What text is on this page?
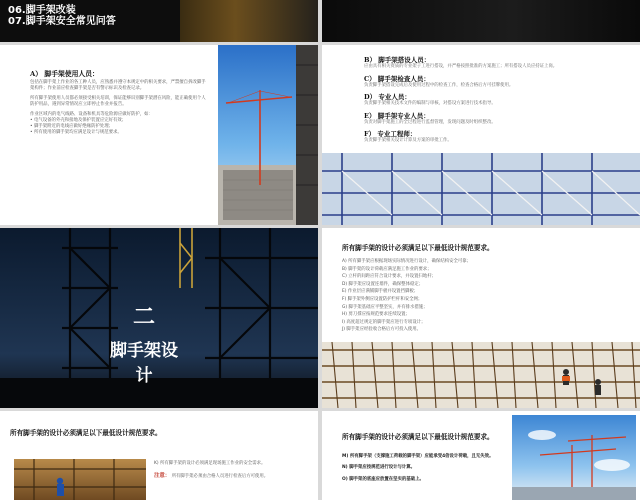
06.脚手架改装
07.脚手架安全常见问答
A） 脚手架使用人员：
包括在脚手架上作业的各工种人员，应熟悉并遵守本规定中的相关要求，严禁擅自拆改脚手架构件；作业前应检查脚手架是否有警示标识及检查记录。
所有脚手架使用人员都必须接受相关培训，保证能够识别脚手架潜在风险，能正确使用个人防护用品，遇到异常情况应立即停止作业并报告。
作业区域内的电气线路、设备和机具等危险源应做好防护，如：
• 电气设备的外壳和接地及保护装置应完好有效；
• 脚手架附近的电线应做好绝缘防护处理；
• 所有使用的脚手架均应满足设计与规范要求。
B） 脚手架搭设人员：
应由具有相关资质的专业架子工进行搭设，并严格按照批准的方案施工；所有搭设人员应持证上岗。
C） 脚手架检查人员：
负责脚手架搭设完成后及使用过程中的检查工作，检查合格后方可挂牌使用。
D） 专业人员：
负责脚手架相关技术文件的编制与审核，对搭设方案进行技术指导。
E） 脚手架专业人员：
负责对脚手架施工的全过程进行监督管理，发现问题及时组织整改。
F） 专业工程师：
负责脚手架相关设计计算及方案的审批工作。
二
脚手架设计
所有脚手架的设计必须满足以下最低设计规范要求。
A) 所有脚手架应根据现场实际情况进行设计，确保结构安全可靠；
B) 脚手架的设计荷载应满足施工作业的要求；
C) 立杆的间距应符合设计要求，并设置扫地杆；
D) 脚手架应设置连墙件，确保整体稳定；
E) 作业层应满铺脚手板并设置挡脚板；
F) 脚手架外侧应设置防护栏杆和安全网；
G) 脚手架基础应平整坚实，并有排水措施；
H) 剪刀撑应按规范要求连续设置；
I) 高度超过规定的脚手架应进行专项设计；
J) 脚手架应经验收合格后方可投入使用。
所有脚手架的设计必须满足以下最低设计规范要求。
K) 所有脚手架的设计必须满足现场施工作业的安全需求。
注意： 所有脚手架必须由合格人员进行检查后方可使用。
所有脚手架的设计必须满足以下最低设计规范要求。
M) 所有脚手架（支撑施工荷载的脚手架）应能承受4倍设计荷载，且无失效。
N) 脚手架应按规范进行设计与计算。
O) 脚手架的底座应放置在坚实的基础上。
